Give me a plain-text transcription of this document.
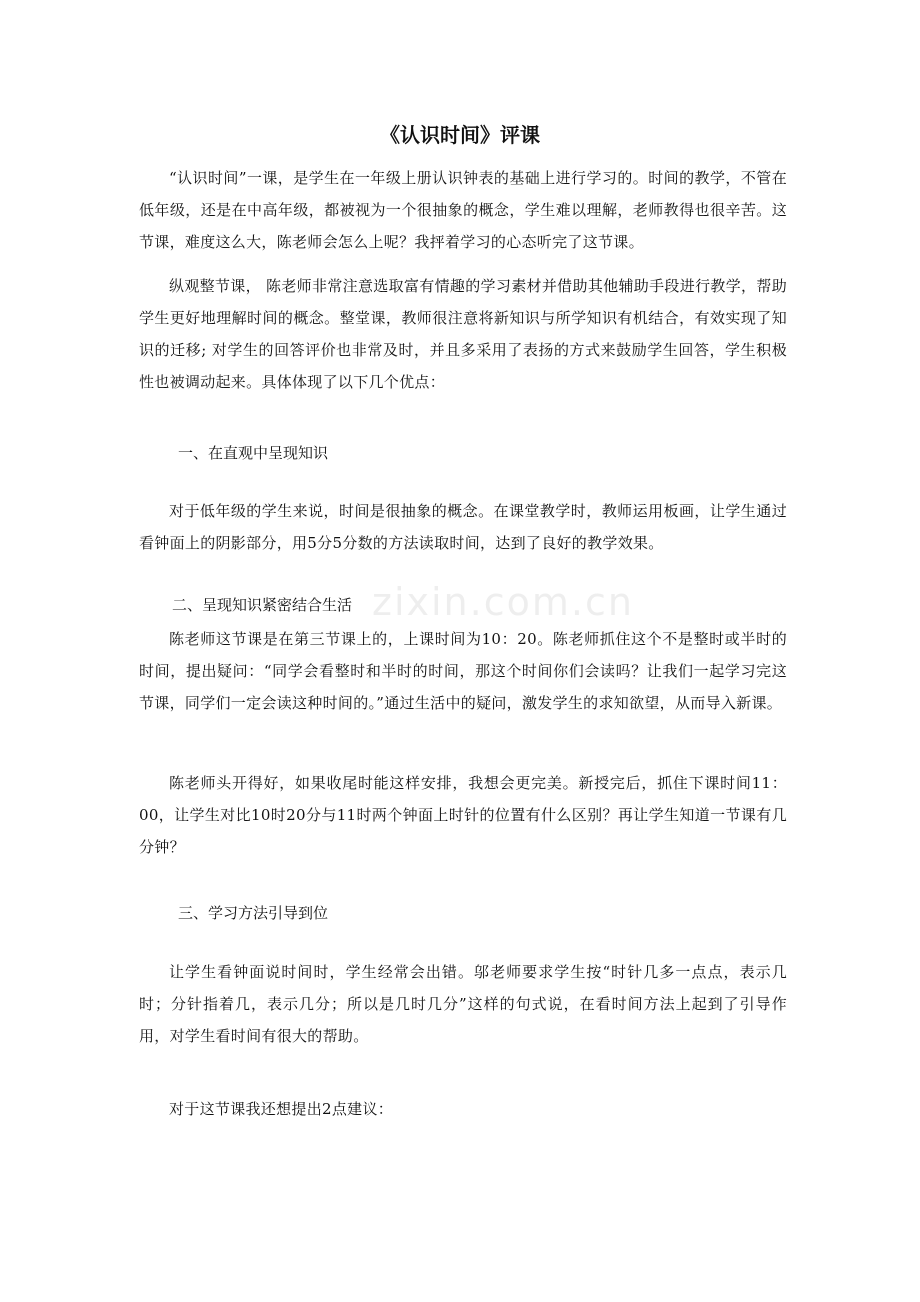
zixin.com.cn
《认识时间》评课

“认识时间”一课，是学生在一年级上册认识钟表的基础上进行学习的。时间的教学，不管在低年级，还是在中高年级，都被视为一个很抽象的概念，学生难以理解，老师教得也很辛苦。这节课，难度这么大，陈老师会怎么上呢？我抨着学习的心态听完了这节课。

纵观整节课， 陈老师非常注意选取富有情趣的学习素材并借助其他辅助手段进行教学，帮助学生更好地理解时间的概念。整堂课，教师很注意将新知识与所学知识有机结合，有效实现了知识的迁移; 对学生的回答评价也非常及时，并且多采用了表扬的方式来鼓励学生回答，学生积极性也被调动起来。具体体现了以下几个优点：

一、在直观中呈现知识

对于低年级的学生来说，时间是很抽象的概念。在课堂教学时，教师运用板画，让学生通过看钟面上的阴影部分，用5分5分数的方法读取时间，达到了良好的教学效果。

二、呈现知识紧密结合生活

陈老师这节课是在第三节课上的，上课时间为10：20。陈老师抓住这个不是整时或半时的时间，提出疑问：“同学会看整时和半时的时间，那这个时间你们会读吗？让我们一起学习完这节课，同学们一定会读这种时间的。”通过生活中的疑问，激发学生的求知欲望，从而导入新课。

陈老师头开得好，如果收尾时能这样安排，我想会更完美。新授完后，抓住下课时间11：00，让学生对比10时20分与11时两个钟面上时针的位置有什么区别？再让学生知道一节课有几分钟？

三、学习方法引导到位

让学生看钟面说时间时，学生经常会出错。邬老师要求学生按“时针几多一点点，表示几时；分针指着几，表示几分；所以是几时几分”这样的句式说，在看时间方法上起到了引导作用，对学生看时间有很大的帮助。

对于这节课我还想提出2点建议：
